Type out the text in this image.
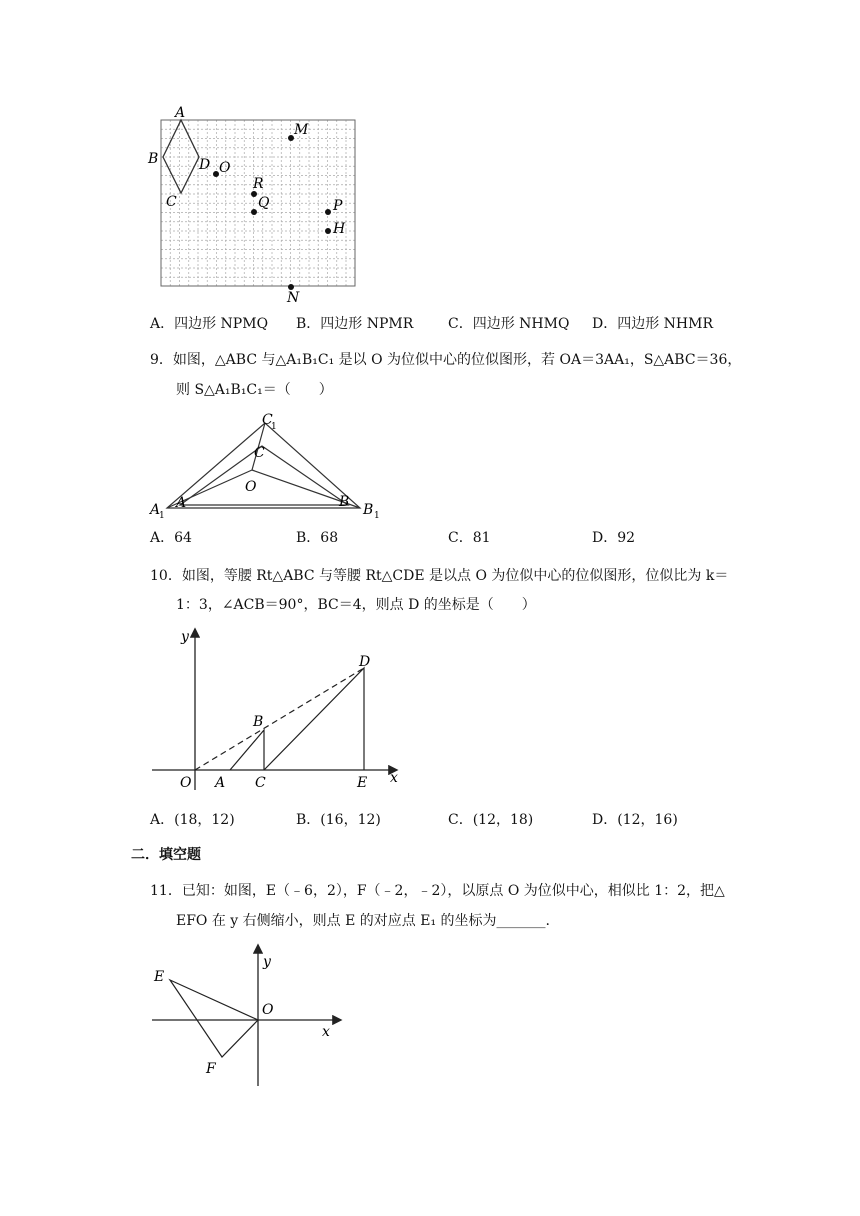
A
B
C
D O
M
R
Q	P
H
N
A．四边形 NPMQ B．四边形 NPMR C．四边形 NHMQ D．四边形 NHMR
9．如图，△ABC 与△A₁B₁C₁ 是以 O 为位似中心的位似图形，若 OA＝3AA₁，S△ABC＝36，
则 S△A₁B₁C₁＝（　　）
A
1
A
C
1
C
O
B B 1
A．64	B．68	C．81	D．92
10．如图，等腰 Rt△ABC 与等腰 Rt△CDE 是以点 O 为位似中心的位似图形，位似比为 k＝
1：3，∠ACB＝90°，BC＝4，则点 D 的坐标是（　　）
y
x
O A C
B
D
E
A．(18，12)	B．(16，12)	C．(12，18)	D．(12，16)
二．填空题
11．已知：如图，E（﹣6，2），F（﹣2，﹣2），以原点 O 为位似中心，相似比 1：2，把△
EFO 在 y 右侧缩小，则点 E 的对应点 E₁ 的坐标为_______.
E
F
O
x
y
